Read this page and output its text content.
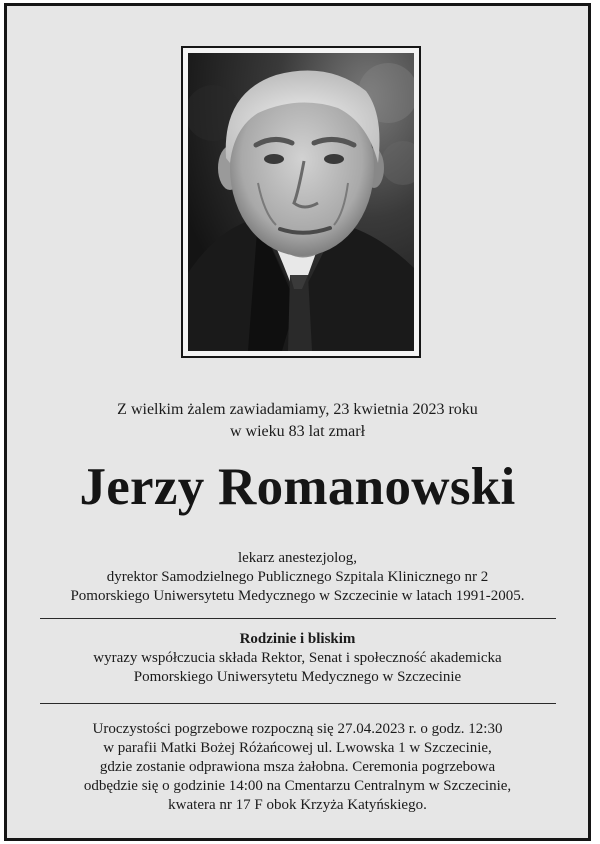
Z wielkim żalem zawiadamiamy, 23 kwietnia 2023 roku
w wieku 83 lat zmarł
Jerzy Romanowski
lekarz anestezjolog,
dyrektor Samodzielnego Publicznego Szpitala Klinicznego nr 2
Pomorskiego Uniwersytetu Medycznego w Szczecinie w latach 1991-2005.
Rodzinie i bliskim
wyrazy współczucia składa Rektor, Senat i społeczność akademicka
Pomorskiego Uniwersytetu Medycznego w Szczecinie
Uroczystości pogrzebowe rozpoczną się 27.04.2023 r. o godz. 12:30
w parafii Matki Bożej Różańcowej ul. Lwowska 1 w Szczecinie,
gdzie zostanie odprawiona msza żałobna. Ceremonia pogrzebowa
odbędzie się o godzinie 14:00 na Cmentarzu Centralnym w Szczecinie,
kwatera nr 17 F obok Krzyża Katyńskiego.
